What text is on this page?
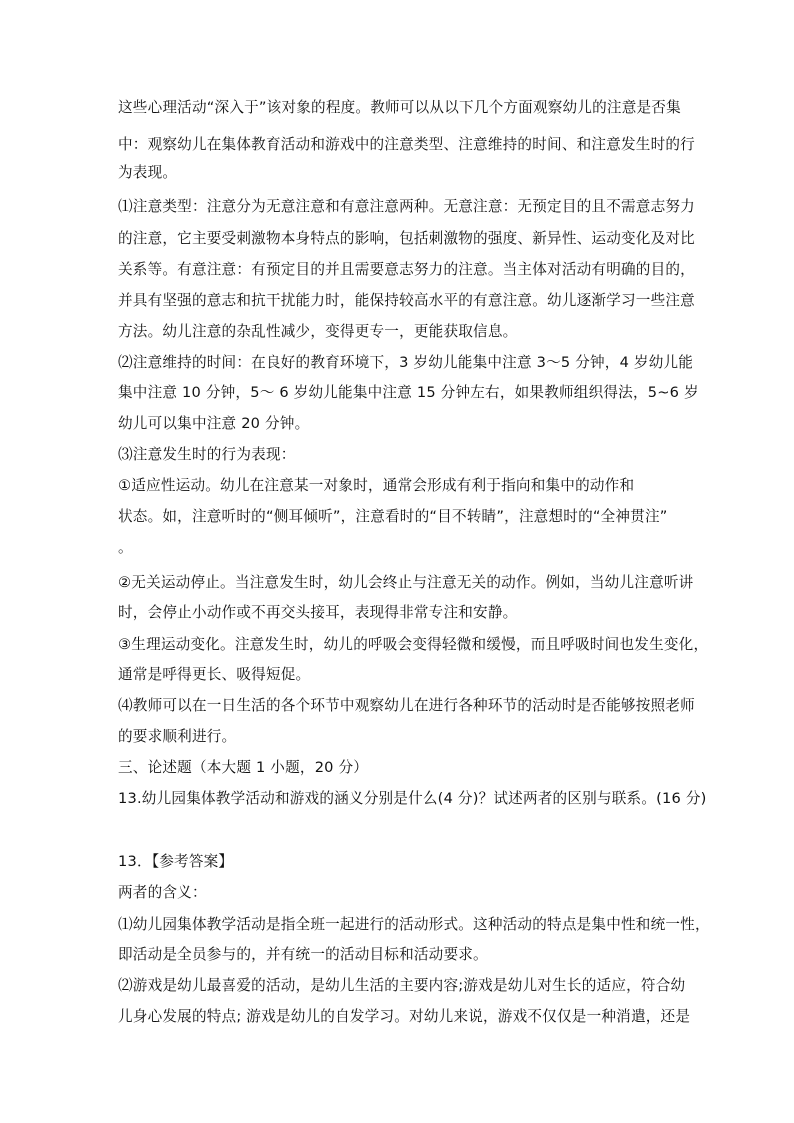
这些心理活动“深入于”该对象的程度。教师可以从以下几个方面观察幼儿的注意是否集
中：观察幼儿在集体教育活动和游戏中的注意类型、注意维持的时间、和注意发生时的行
为表现。
⑴注意类型：注意分为无意注意和有意注意两种。无意注意：无预定目的且不需意志努力
的注意，它主要受刺激物本身特点的影响，包括刺激物的强度、新异性、运动变化及对比
关系等。有意注意：有预定目的并且需要意志努力的注意。当主体对活动有明确的目的，
并具有坚强的意志和抗干扰能力时，能保持较高水平的有意注意。幼儿逐渐学习一些注意
方法。幼儿注意的杂乱性减少，变得更专一，更能获取信息。
⑵注意维持的时间：在良好的教育环境下，3 岁幼儿能集中注意 3～5 分钟，4 岁幼儿能
集中注意 10 分钟，5～ 6 岁幼儿能集中注意 15 分钟左右，如果教师组织得法，5~6 岁
幼儿可以集中注意 20 分钟。
⑶注意发生时的行为表现：
①适应性运动。幼儿在注意某一对象时，通常会形成有利于指向和集中的动作和
状态。如，注意听时的“侧耳倾听”，注意看时的“目不转睛”，注意想时的“全神贯注”
。
②无关运动停止。当注意发生时，幼儿会终止与注意无关的动作。例如，当幼儿注意听讲
时，会停止小动作或不再交头接耳，表现得非常专注和安静。
③生理运动变化。注意发生时，幼儿的呼吸会变得轻微和缓慢，而且呼吸时间也发生变化，
通常是呼得更长、吸得短促。
⑷教师可以在一日生活的各个环节中观察幼儿在进行各种环节的活动时是否能够按照老师
的要求顺利进行。
三、论述题（本大题 1 小题，20 分）
13.幼儿园集体教学活动和游戏的涵义分别是什么(4 分)？试述两者的区别与联系。(16 分)
13．【参考答案】
两者的含义：
⑴幼儿园集体教学活动是指全班一起进行的活动形式。这种活动的特点是集中性和统一性，
即活动是全员参与的，并有统一的活动目标和活动要求。
⑵游戏是幼儿最喜爱的活动，是幼儿生活的主要内容;游戏是幼儿对生长的适应，符合幼
儿身心发展的特点; 游戏是幼儿的自发学习。对幼儿来说，游戏不仅仅是一种消遣，还是
